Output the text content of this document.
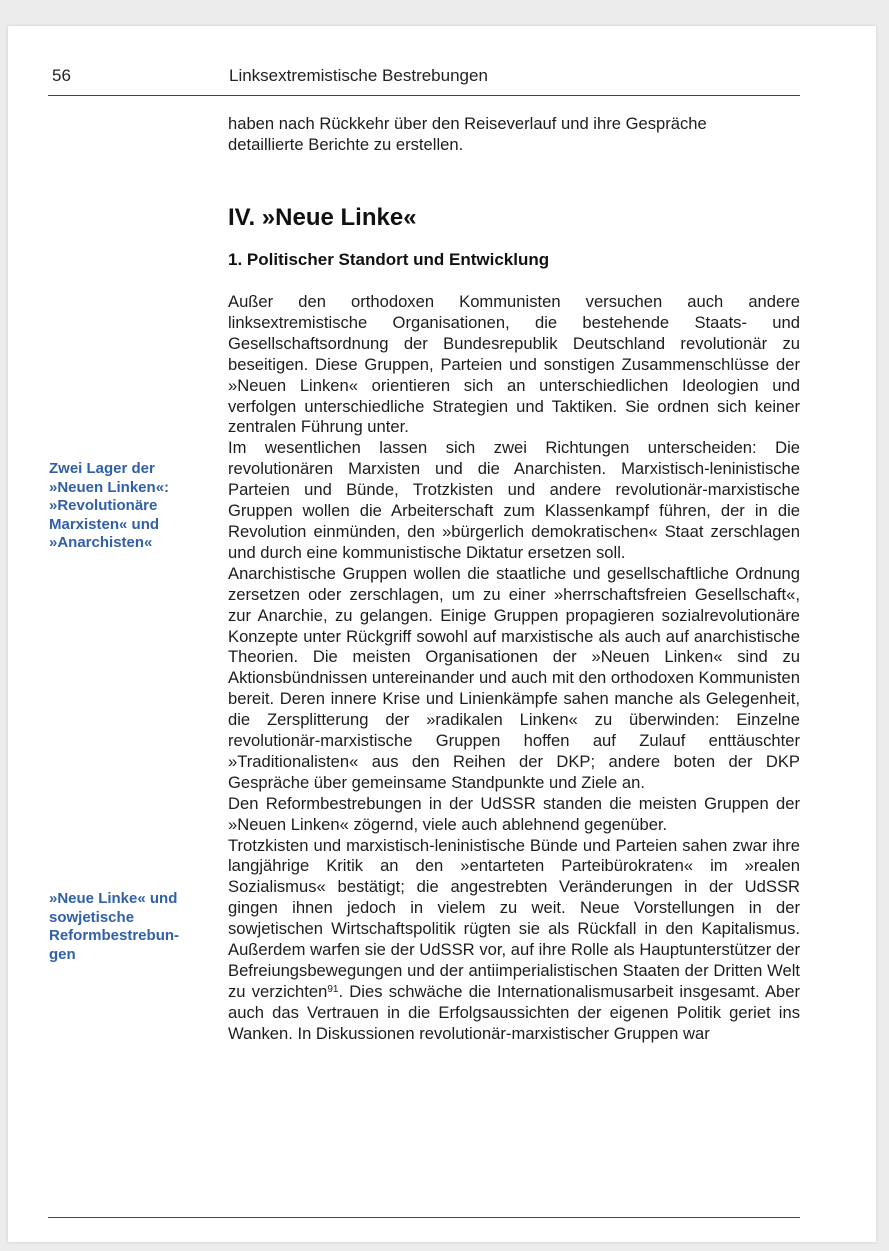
56	Linksextremistische Bestrebungen
haben nach Rückkehr über den Reiseverlauf und ihre Gespräche
detaillierte Berichte zu erstellen.
IV. »Neue Linke«
1. Politischer Standort und Entwicklung

Außer den orthodoxen Kommunisten versuchen auch andere linksextremistische Organisationen, die bestehende Staats- und Gesellschaftsordnung der Bundesrepublik Deutschland revolutionär zu beseitigen. Diese Gruppen, Parteien und sonstigen Zusammenschlüsse der »Neuen Linken« orientieren sich an unterschiedlichen Ideologien und verfolgen unterschiedliche Strategien und Taktiken. Sie ordnen sich keiner zentralen Führung unter.

Im wesentlichen lassen sich zwei Richtungen unterscheiden: Die revolutionären Marxisten und die Anarchisten. Marxistisch-leninistische Parteien und Bünde, Trotzkisten und andere revolutionär-marxistische Gruppen wollen die Arbeiterschaft zum Klassenkampf führen, der in die Revolution einmünden, den »bürgerlich demokratischen« Staat zerschlagen und durch eine kommunistische Diktatur ersetzen soll.

Anarchistische Gruppen wollen die staatliche und gesellschaftliche Ordnung zersetzen oder zerschlagen, um zu einer »herrschaftsfreien Gesellschaft«, zur Anarchie, zu gelangen. Einige Gruppen propagieren sozialrevolutionäre Konzepte unter Rückgriff sowohl auf marxistische als auch auf anarchistische Theorien. Die meisten Organisationen der »Neuen Linken« sind zu Aktionsbündnissen untereinander und auch mit den orthodoxen Kommunisten bereit. Deren innere Krise und Linienkämpfe sahen manche als Gelegenheit, die Zersplitterung der »radikalen Linken« zu überwinden: Einzelne revolutionär-marxistische Gruppen hoffen auf Zulauf enttäuschter »Traditionalisten« aus den Reihen der DKP; andere boten der DKP Gespräche über gemeinsame Standpunkte und Ziele an.

Den Reformbestrebungen in der UdSSR standen die meisten Gruppen der »Neuen Linken« zögernd, viele auch ablehnend gegenüber.

Trotzkisten und marxistisch-leninistische Bünde und Parteien sahen zwar ihre langjährige Kritik an den »entarteten Parteibürokraten« im »realen Sozialismus« bestätigt; die angestrebten Veränderungen in der UdSSR gingen ihnen jedoch in vielem zu weit. Neue Vorstellungen in der sowjetischen Wirtschaftspolitik rügten sie als Rückfall in den Kapitalismus. Außerdem warfen sie der UdSSR vor, auf ihre Rolle als Hauptunterstützer der Befreiungsbewegungen und der antiimperialistischen Staaten der Dritten Welt zu verzichten$^{91}$. Dies schwäche die Internationalismusarbeit insgesamt. Aber auch das Vertrauen in die Erfolgsaussichten der eigenen Politik geriet ins Wanken. In Diskussionen revolutionär-marxistischer Gruppen war

Zwei Lager der
»Neuen Linken«:
»Revolutionäre
Marxisten« und
»Anarchisten«
»Neue Linke« und
sowjetische
Reformbestrebun-
gen
